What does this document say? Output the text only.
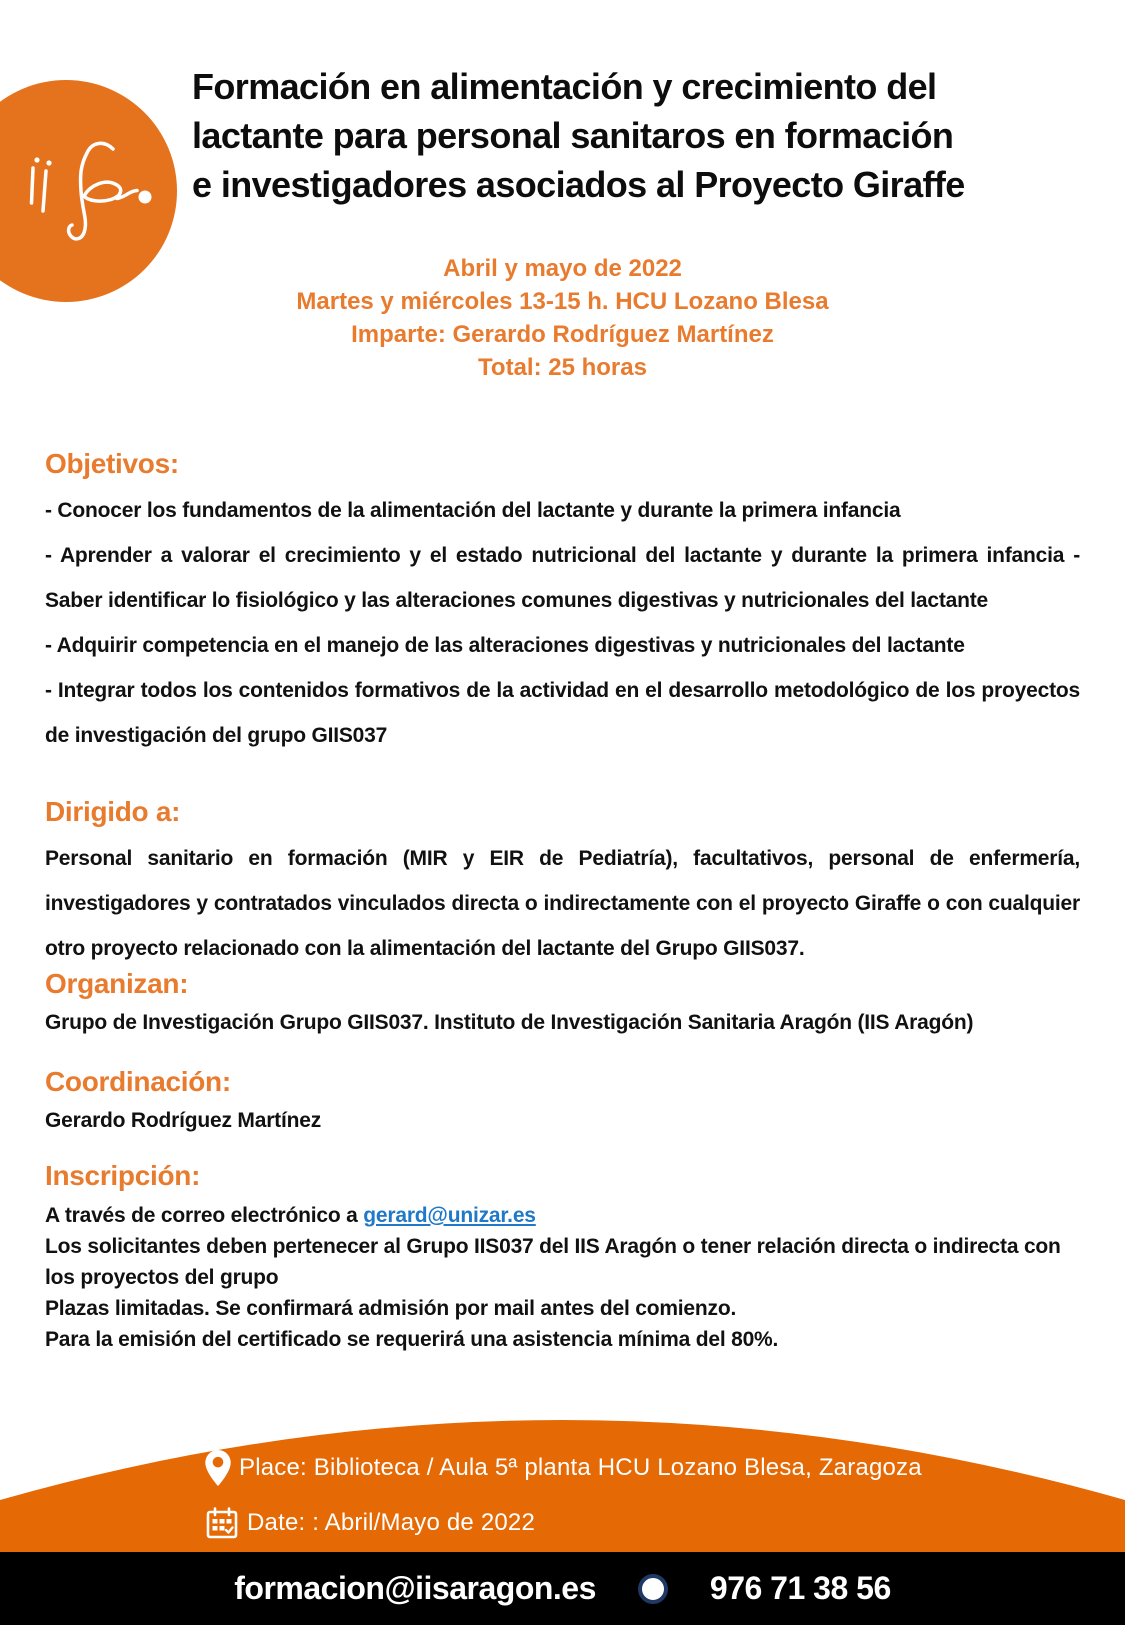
Formación en alimentación y crecimiento del
lactante para personal sanitaros en formación
e investigadores asociados al Proyecto Giraffe
Abril y mayo de 2022
Martes y miércoles 13-15 h. HCU Lozano Blesa
Imparte: Gerardo Rodríguez Martínez
Total: 25 horas
Objetivos:

- Conocer los fundamentos de la alimentación del lactante y durante la primera infancia

- Aprender a valorar el crecimiento y el estado nutricional del lactante y durante la primera infancia - Saber identificar lo fisiológico y las alteraciones comunes digestivas y nutricionales del lactante

- Adquirir competencia en el manejo de las alteraciones digestivas y nutricionales del lactante

- Integrar todos los contenidos formativos de la actividad en el desarrollo metodológico de los proyectos de investigación del grupo GIIS037

Dirigido a:

Personal sanitario en formación (MIR y EIR de Pediatría), facultativos, personal de enfermería, investigadores y contratados vinculados directa o indirectamente con el proyecto Giraffe o con cualquier otro proyecto relacionado con la alimentación del lactante del Grupo GIIS037.

Organizan:
Grupo de Investigación Grupo GIIS037. Instituto de Investigación Sanitaria Aragón (IIS Aragón)
Coordinación:
Gerardo Rodríguez Martínez
Inscripción:

A través de correo electrónico a gerard@unizar.es

Los solicitantes deben pertenecer al Grupo IIS037 del IIS Aragón o tener relación directa o indirecta con los proyectos del grupo

Plazas limitadas. Se confirmará admisión por mail antes del comienzo.

Para la emisión del certificado se requerirá una asistencia mínima del 80%.

Place: Biblioteca / Aula 5ª planta HCU Lozano Blesa, Zaragoza
Date: : Abril/Mayo de 2022
formacion@iisaragon.es	976 71 38 56
